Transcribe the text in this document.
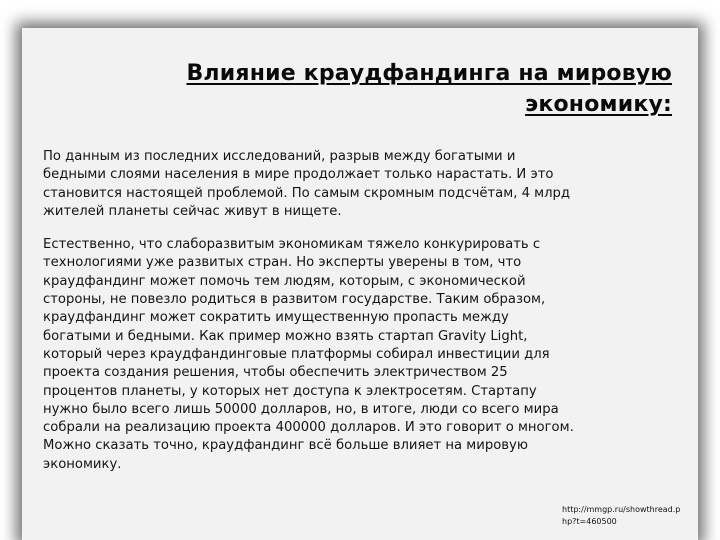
Влияние краудфандинга на мировую экономику:

По данным из последних исследований, разрыв между богатыми и бедными слоями населения в мире продолжает только нарастать. И это становится настоящей проблемой. По самым скромным подсчётам, 4 млрд жителей планеты сейчас живут в нищете.

Естественно, что слаборазвитым экономикам тяжело конкурировать с технологиями уже развитых стран. Но эксперты уверены в том, что краудфандинг может помочь тем людям, которым, с экономической стороны, не повезло родиться в развитом государстве. Таким образом, краудфандинг может сократить имущественную пропасть между богатыми и бедными. Как пример можно взять стартап Gravity Light, который через краудфандинговые платформы собирал инвестиции для проекта создания решения, чтобы обеспечить электричеством 25 процентов планеты, у которых нет доступа к электросетям. Стартапу нужно было всего лишь 50000 долларов, но, в итоге, люди со всего мира собрали на реализацию проекта 400000 долларов. И это говорит о многом. Можно сказать точно, краудфандинг всё больше влияет на мировую экономику.

http://mmgp.ru/showthread.php?t=460500
